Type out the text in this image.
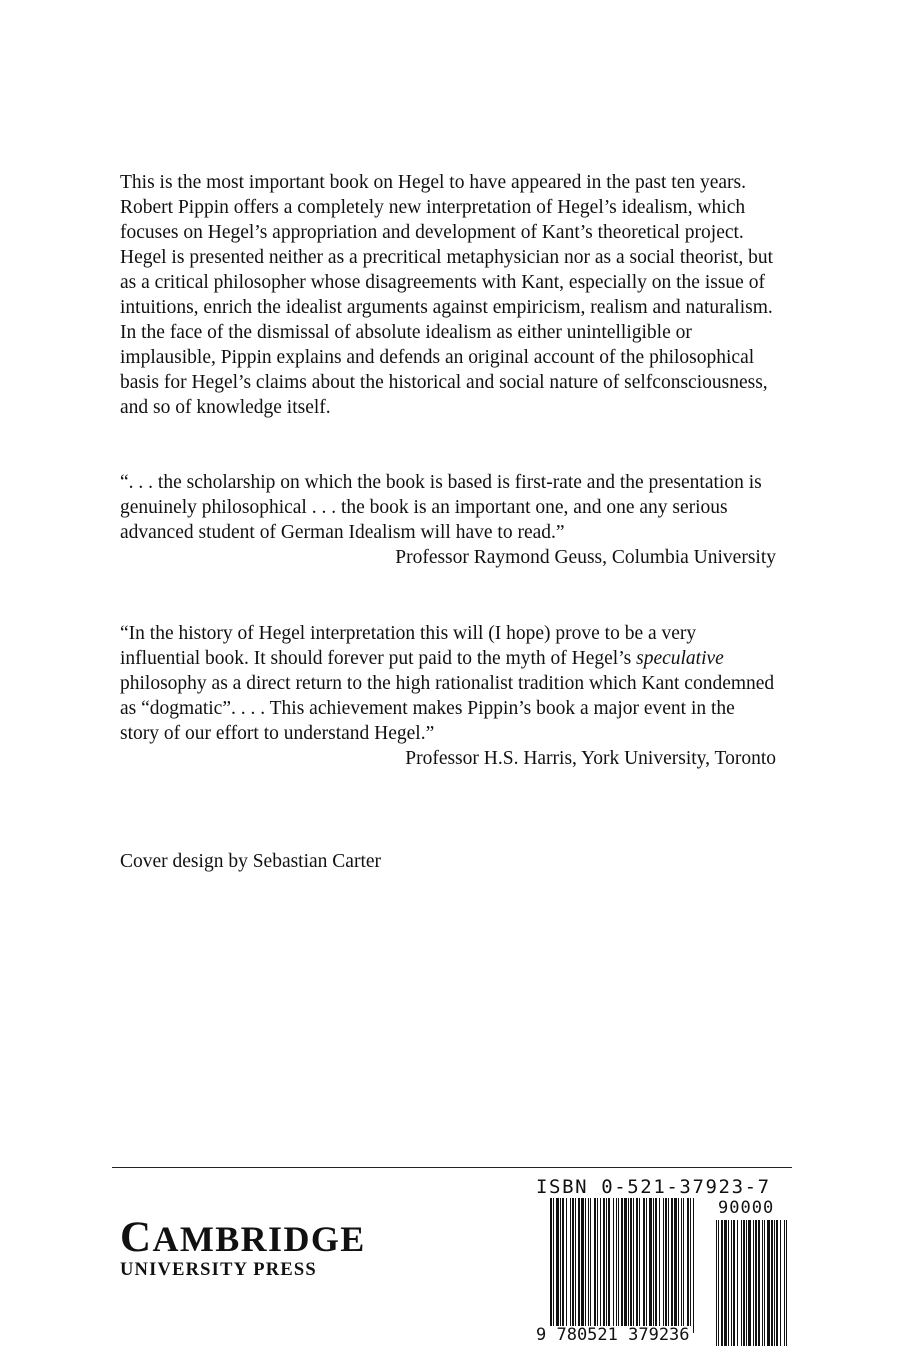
This is the most important book on Hegel to have appeared in the past ten years. Robert Pippin offers a completely new interpretation of Hegel’s idealism, which focuses on Hegel’s appropriation and development of Kant’s theoretical project. Hegel is presented neither as a precritical metaphysician nor as a social theorist, but as a critical philosopher whose disagreements with Kant, especially on the issue of intuitions, enrich the idealist arguments against empiricism, realism and naturalism. In the face of the dismissal of absolute idealism as either unintelligible or implausible, Pippin explains and defends an original account of the philosophical basis for Hegel’s claims about the historical and social nature of selfconsciousness, and so of knowledge itself.

“. . . the scholarship on which the book is based is first-rate and the presentation is genuinely philosophical . . . the book is an important one, and one any serious advanced student of German Idealism will have to read.”

Professor Raymond Geuss, Columbia University

“In the history of Hegel interpretation this will (I hope) prove to be a very influential book. It should forever put paid to the myth of Hegel’s speculative philosophy as a direct return to the high rationalist tradition which Kant condemned as “dogmatic”. . . . This achievement makes Pippin’s book a major event in the story of our effort to understand Hegel.”

Professor H.S. Harris, York University, Toronto

Cover design by Sebastian Carter
CAMBRIDGE
UNIVERSITY PRESS
ISBN 0-521-37923-7
9 780521 379236
90000
